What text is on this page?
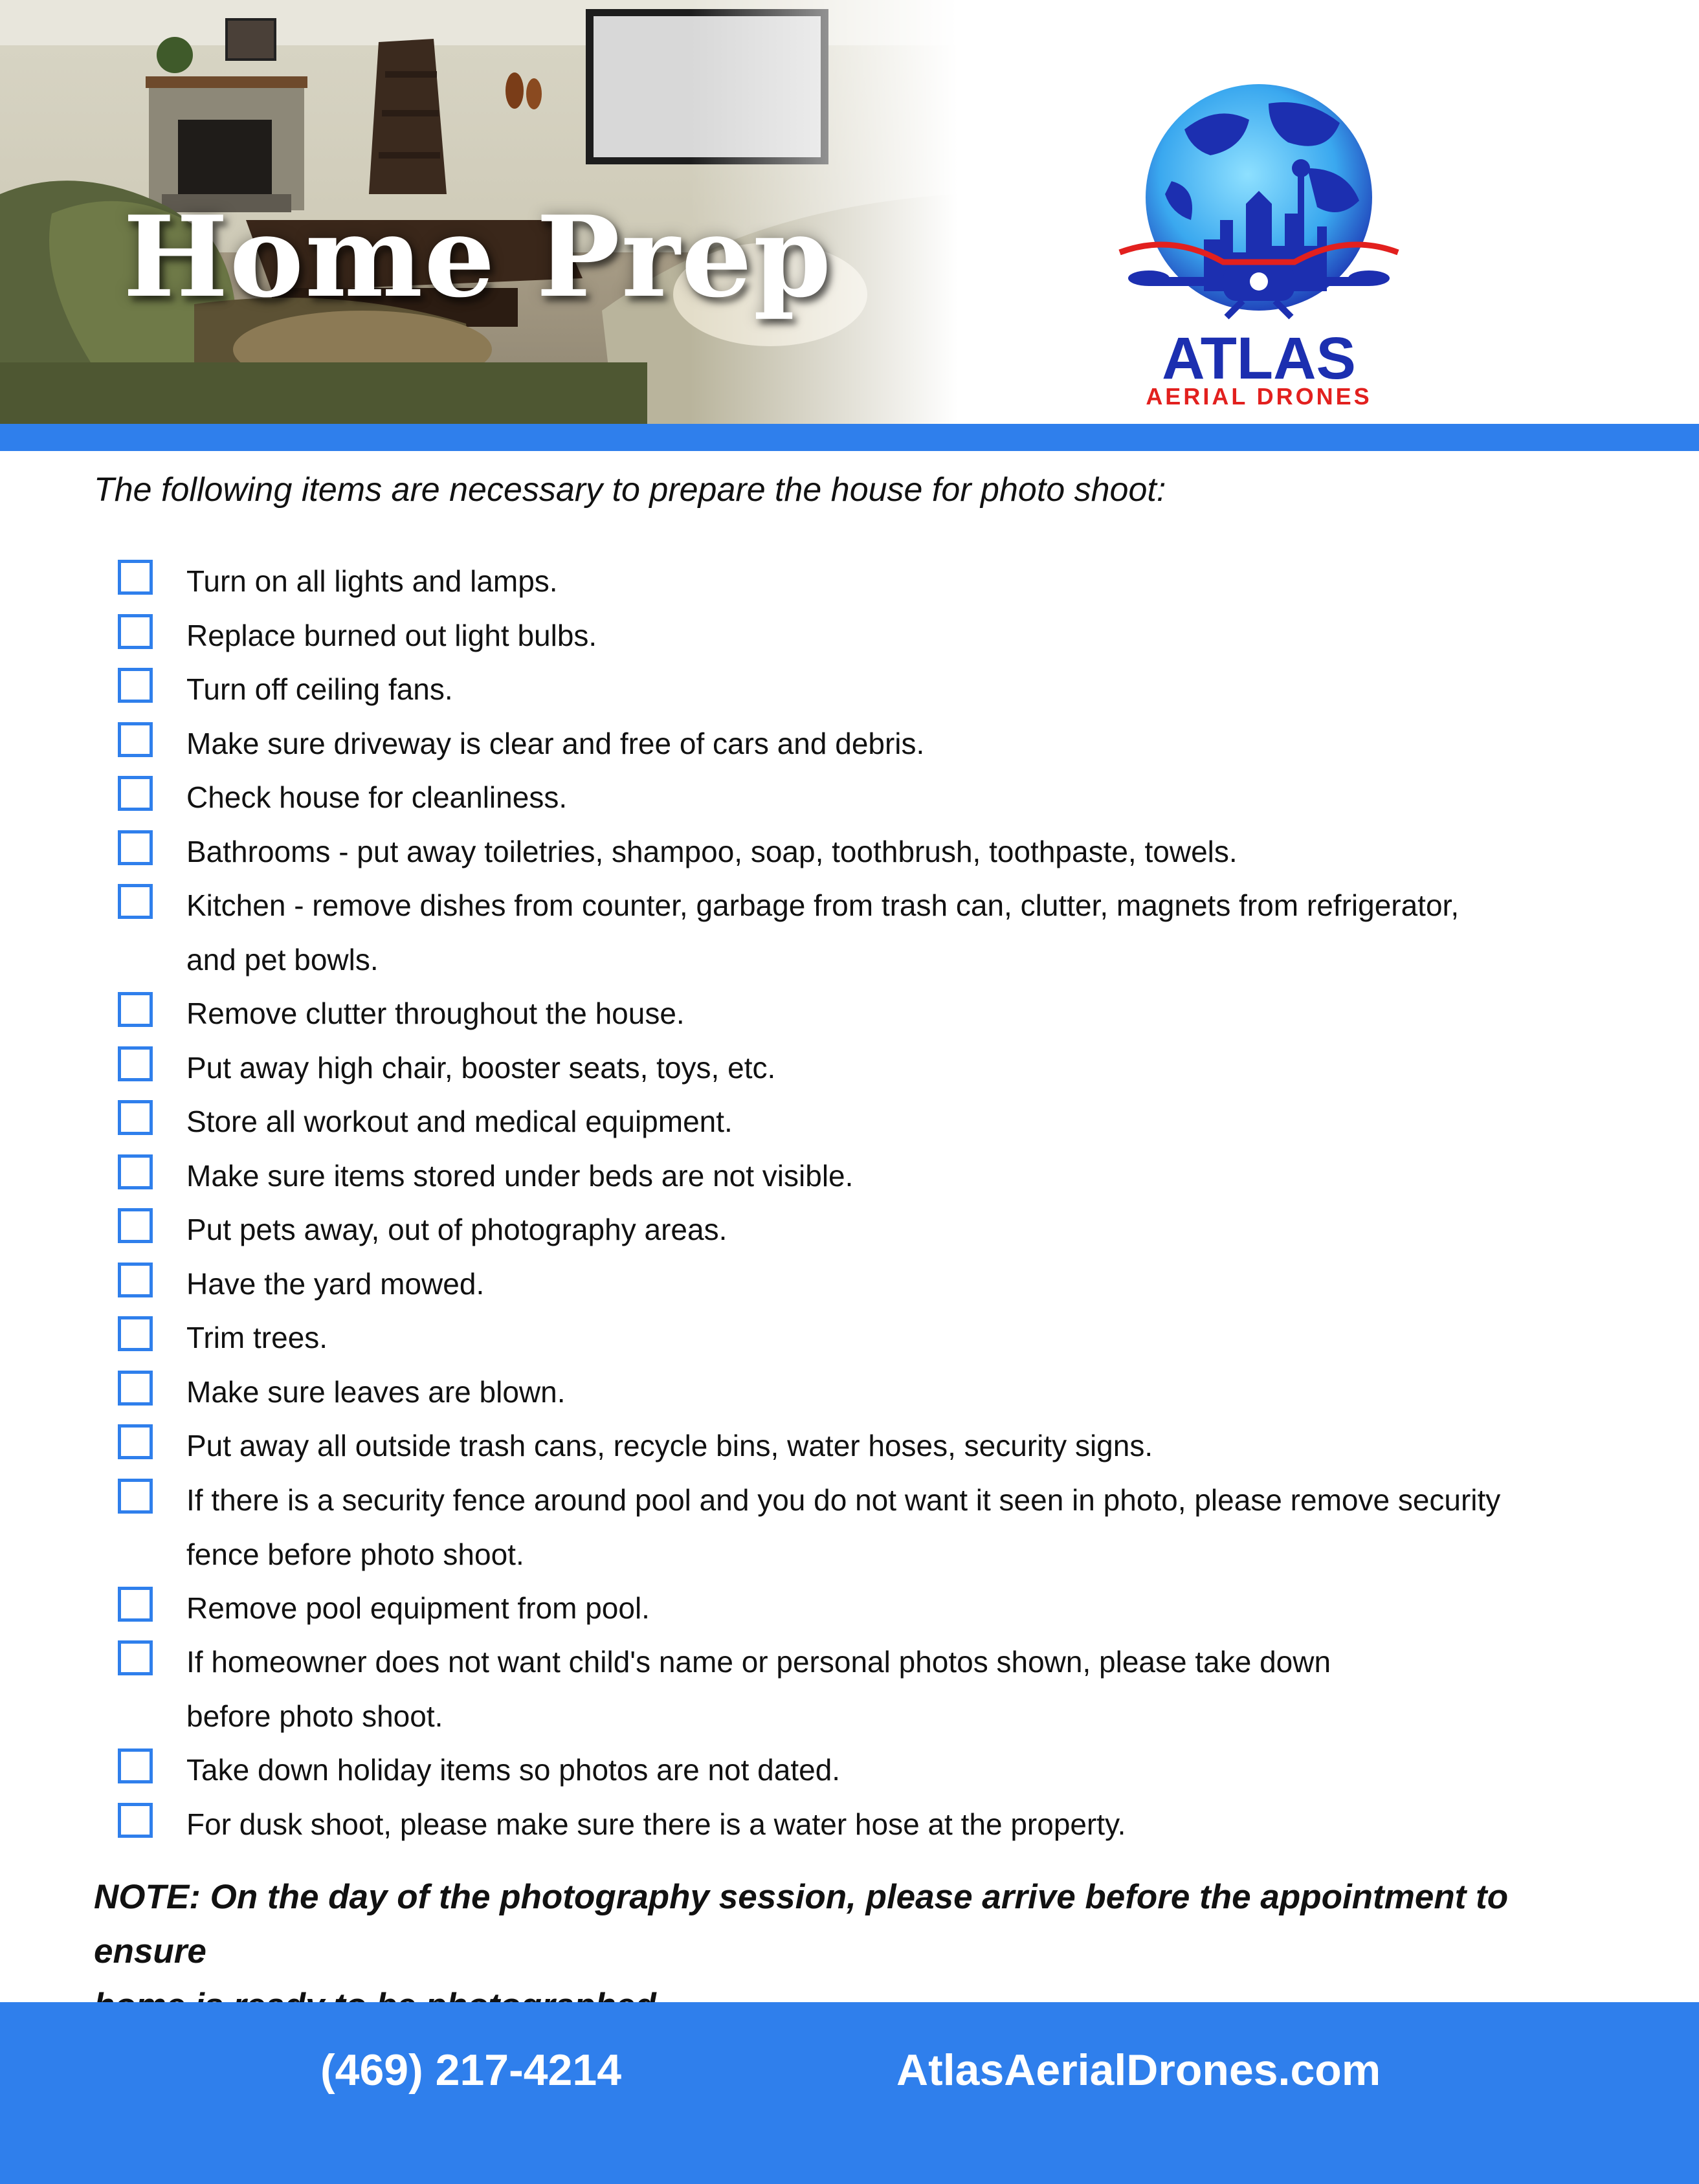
Home Prep
ATLAS
AERIAL DRONES

The following items are necessary to prepare the house for photo shoot:

Turn on all lights and lamps.
Replace burned out light bulbs.
Turn off ceiling fans.
Make sure driveway is clear and free of cars and debris.
Check house for cleanliness.
Bathrooms - put away toiletries, shampoo, soap, toothbrush, toothpaste, towels.
Kitchen - remove dishes from counter, garbage from trash can, clutter, magnets from refrigerator,
and pet bowls.
Remove clutter throughout the house.
Put away high chair, booster seats, toys, etc.
Store all workout and medical equipment.
Make sure items stored under beds are not visible.
Put pets away, out of photography areas.
Have the yard mowed.
Trim trees.
Make sure leaves are blown.
Put away all outside trash cans, recycle bins, water hoses, security signs.
If there is a security fence around pool and you do not want it seen in photo, please remove security
fence before photo shoot.
Remove pool equipment from pool.
If homeowner does not want child's name or personal photos shown, please take down
before photo shoot.
Take down holiday items so photos are not dated.
For dusk shoot, please make sure there is a water hose at the property.

NOTE: On the day of the photography session, please arrive before the appointment to ensure

(469) 217-4214	AtlasAerialDrones.com
